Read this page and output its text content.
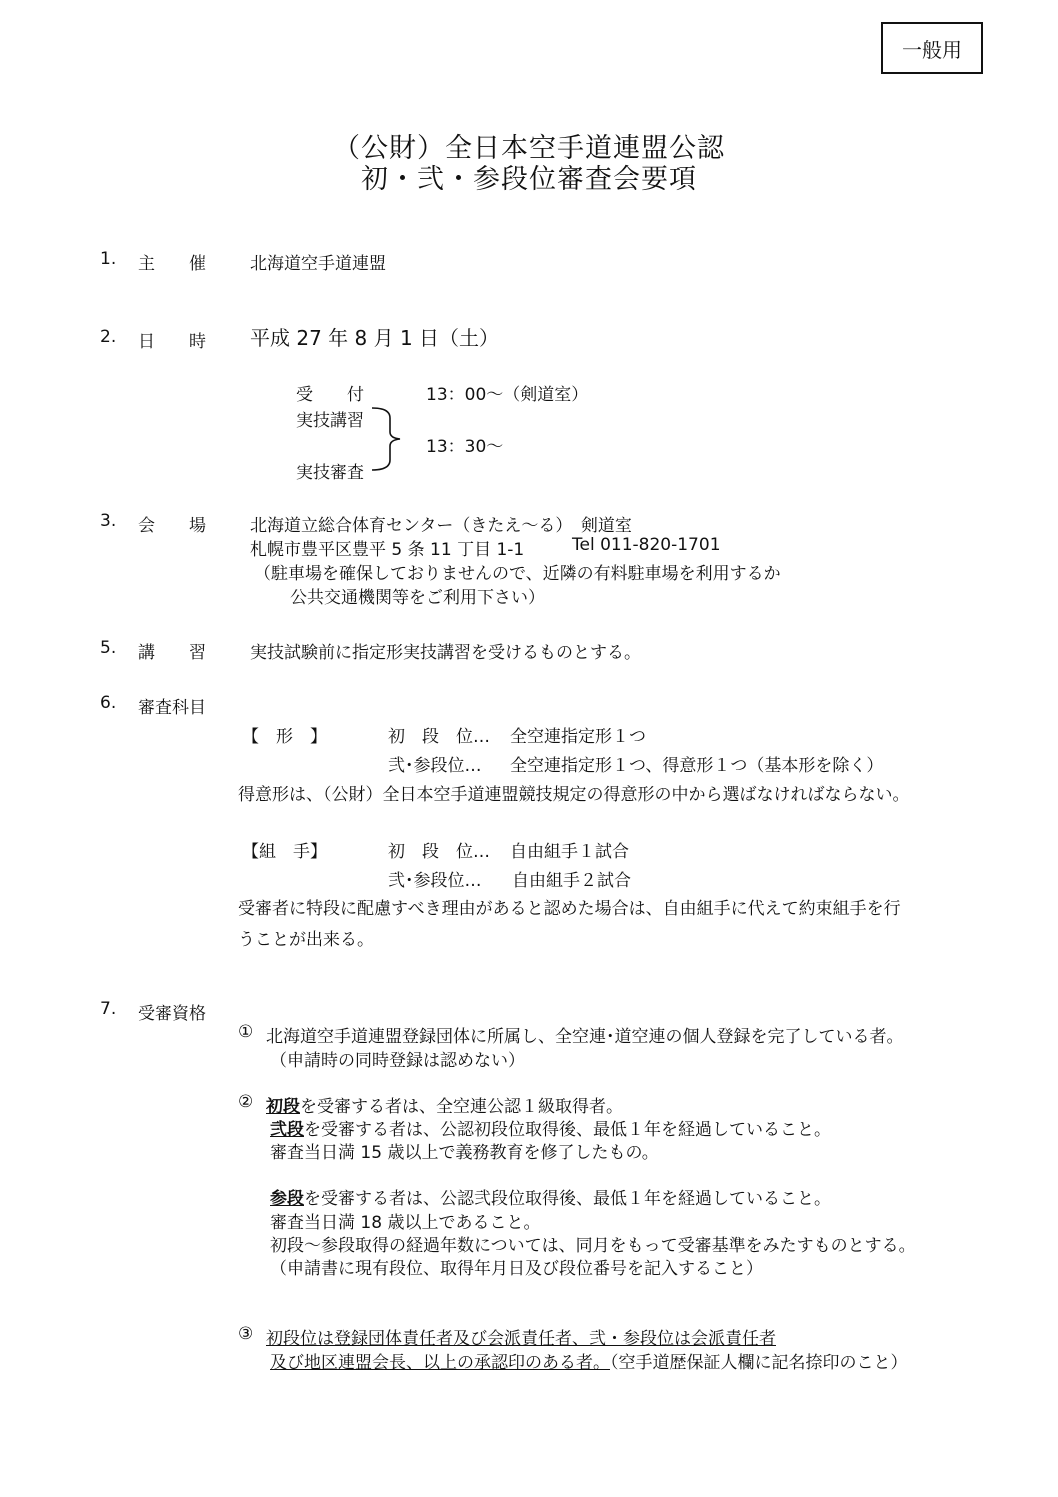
一般用
（公財）全日本空手道連盟公認
初・弐・参段位審査会要項
1. 主　　催	北海道空手道連盟
2. 日　　時 平成 27 年 8 月 1 日（土）
受　　付	13：00～（剣道室）
実技講習
13：30～
実技審査
3. 会　　場	北海道立総合体育センター（きたえ～る）　剣道室
札幌市豊平区豊平 5 条 11 丁目 1-1	Tel 011-820-1701
（駐車場を確保しておりませんので、近隣の有料駐車場を利用するか
公共交通機関等をご利用下さい）
5. 講　　習	実技試験前に指定形実技講習を受けるものとする。
6. 審査科目
【　形　】	初　段　位… 全空連指定形１つ
弐･参段位… 全空連指定形１つ、得意形１つ（基本形を除く）
得意形は、（公財）全日本空手道連盟競技規定の得意形の中から選ばなければならない。
【組　手】	初　段　位… 自由組手１試合
弐･参段位… 自由組手２試合
受審者に特段に配慮すべき理由があると認めた場合は、自由組手に代えて約束組手を行
うことが出来る。
7. 受審資格
① 北海道空手道連盟登録団体に所属し、全空連･道空連の個人登録を完了している者。
（申請時の同時登録は認めない）
② 初段を受審する者は、全空連公認１級取得者。
弐段を受審する者は、公認初段位取得後、最低１年を経過していること。
審査当日満 15 歳以上で義務教育を修了したもの。
参段を受審する者は、公認弐段位取得後、最低１年を経過していること。
審査当日満 18 歳以上であること。
初段～参段取得の経過年数については、同月をもって受審基準をみたすものとする。
（申請書に現有段位、取得年月日及び段位番号を記入すること）
③ 初段位は登録団体責任者及び会派責任者、弐・参段位は会派責任者
及び地区連盟会長、以上の承認印のある者。（空手道歴保証人欄に記名捺印のこと）
